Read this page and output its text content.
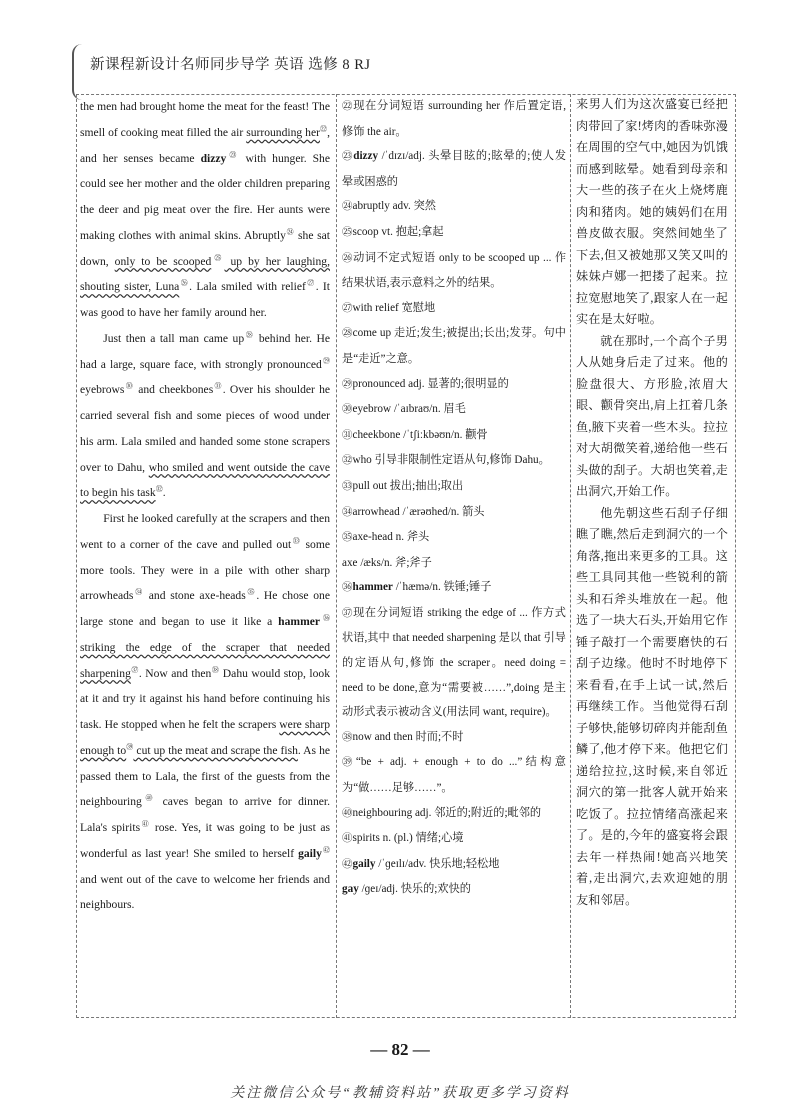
新课程新设计名师同步导学 英语 选修 8 RJ

the men had brought home the meat for the feast! The smell of cooking meat filled the air surrounding her$^㉒$, and her senses became dizzy$^㉓$ with hunger. She could see her mother and the older children preparing the deer and pig meat over the fire. Her aunts were making clothes with animal skins. Abruptly$^㉔$ she sat down, only to be scooped$^㉕$ up by her laughing, shouting sister, Luna$^㉖$. Lala smiled with relief$^㉗$. It was good to have her family around her.

Just then a tall man came $up^㉘$ behind her. He had a large, square face, with strongly pronounced$^㉙$ eyebrows$^㉚$ and cheekbones$^㉛$. Over his shoulder he carried several fish and some pieces of wood under his arm. Lala smiled and handed some stone scrapers over to Dahu, who smiled and went outside the cave to begin his task$^㉜$.

First he looked carefully at the scrapers and then went to a corner of the cave and pulled out$^㉝$ some more tools. They were in a pile with other sharp arrowheads$^㉞$ and stone axe-heads$^㉟$. He chose one large stone and began to use it like a hammer$^㊱$ striking the edge of the scraper that needed sharpening$^㊲$. Now and then$^㊳$ Dahu would stop, look at it and try it against his hand before continuing his task. He stopped when he felt the scrapers were sharp enough $to^㊴$ cut up the meat and scrape the fish. As he passed them to Lala, the first of the guests from the neighbouring$^㊵$ caves began to arrive for dinner. Lala's spirits$^㊶$ rose. Yes, it was going to be just as wonderful as last year! She smiled to herself gaily$^㊷$ and went out of the cave to welcome her friends and neighbours.

㉒现在分词短语 surrounding her 作后置定语,修饰 the air。

㉓dizzy /ˈdɪzɪ/adj. 头晕目眩的;眩晕的;使人发晕或困惑的

㉔abruptly adv. 突然

㉕scoop vt. 抱起;拿起

㉖动词不定式短语 only to be scooped up ... 作结果状语,表示意料之外的结果。

㉗with relief 宽慰地

㉘come up 走近;发生;被提出;长出;发芽。句中是“走近”之意。

㉙pronounced adj. 显著的;很明显的

㉚eyebrow /ˈaɪbraʊ/n. 眉毛

㉛cheekbone /ˈtʃiːkbəʊn/n. 颧骨

㉜who 引导非限制性定语从句,修饰 Dahu。

㉝pull out 拔出;抽出;取出

㉞arrowhead /ˈærəʊhed/n. 箭头

㉟axe-head n. 斧头

axe /æks/n. 斧;斧子

㊱hammer /ˈhæmə/n. 铁锤;锤子

㊲现在分词短语 striking the edge of ... 作方式状语,其中 that needed sharpening 是以 that 引导的定语从句,修饰 the scraper。need doing = need to be done,意为“需要被……”,doing 是主动形式表示被动含义(用法同 want, require)。

㊳now and then 时而;不时

㊴“be + adj. + enough + to do ...”结构意为“做……足够……”。

㊵neighbouring adj. 邻近的;附近的;毗邻的

㊶spirits n. (pl.) 情绪;心境

㊷gaily /ˈɡeɪlɪ/adv. 快乐地;轻松地

gay /ɡeɪ/adj. 快乐的;欢快的

来男人们为这次盛宴已经把肉带回了家!烤肉的香味弥漫在周围的空气中,她因为饥饿而感到眩晕。她看到母亲和大一些的孩子在火上烧烤鹿肉和猪肉。她的姨妈们在用兽皮做衣服。突然间她坐了下去,但又被她那又笑又叫的妹妹卢娜一把搂了起来。拉拉宽慰地笑了,跟家人在一起实在是太好啦。

就在那时,一个高个子男人从她身后走了过来。他的脸盘很大、方形脸,浓眉大眼、颧骨突出,肩上扛着几条鱼,腋下夹着一些木头。拉拉对大胡微笑着,递给他一些石头做的刮子。大胡也笑着,走出洞穴,开始工作。

他先朝这些石刮子仔细瞧了瞧,然后走到洞穴的一个角落,拖出来更多的工具。这些工具同其他一些锐利的箭头和石斧头堆放在一起。他选了一块大石头,开始用它作锤子敲打一个需要磨快的石刮子边缘。他时不时地停下来看看,在手上试一试,然后再继续工作。当他觉得石刮子够快,能够切碎肉并能刮鱼鳞了,他才停下来。他把它们递给拉拉,这时候,来自邻近洞穴的第一批客人就开始来吃饭了。拉拉情绪高涨起来了。是的,今年的盛宴将会跟去年一样热闹!她高兴地笑着,走出洞穴,去欢迎她的朋友和邻居。

— 82 —
关注微信公众号“教辅资料站”获取更多学习资料
